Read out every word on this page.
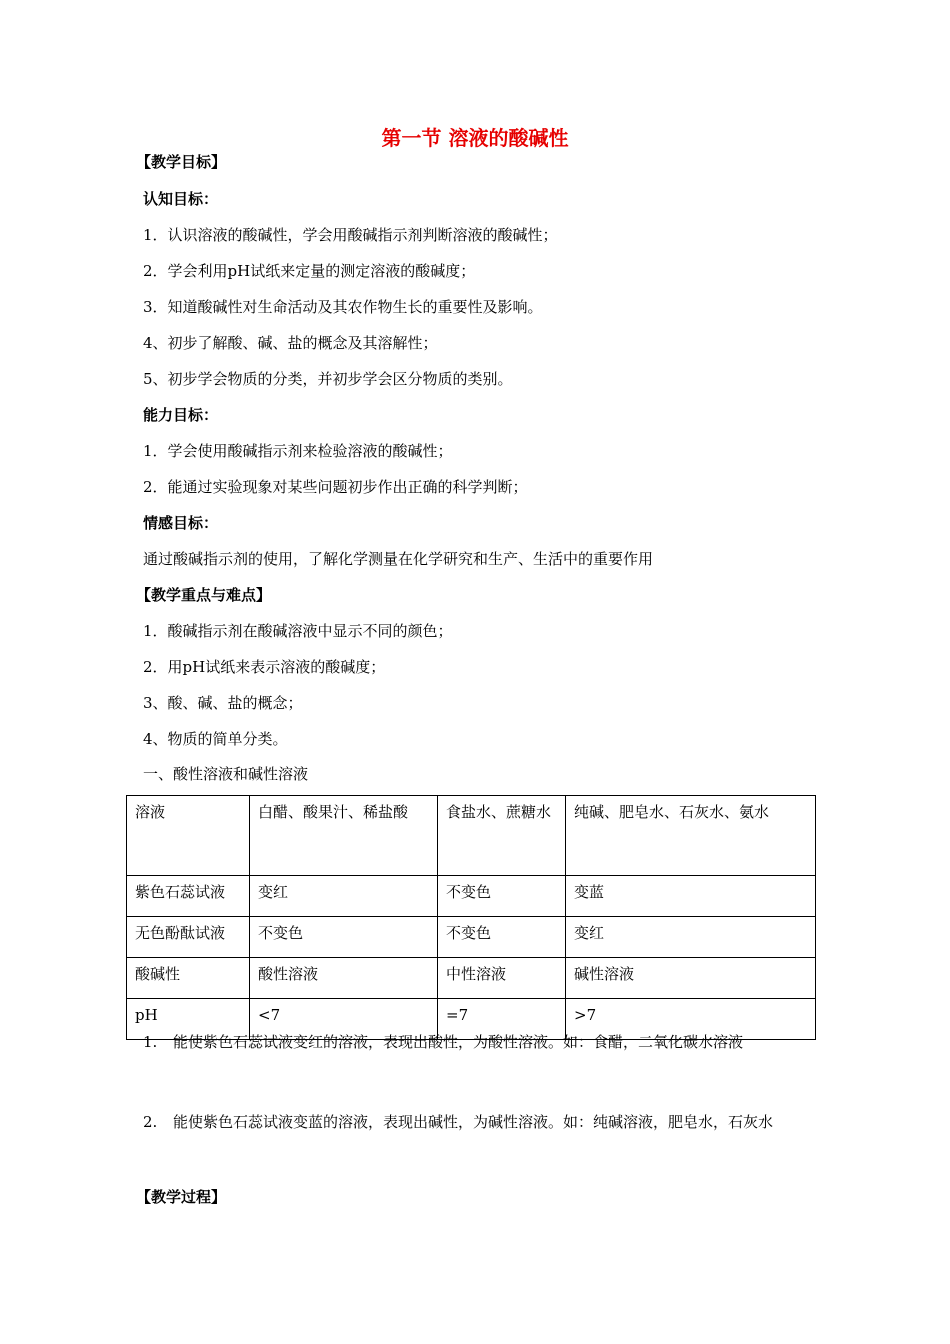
第一节 溶液的酸碱性
【教学目标】
认知目标：
1．认识溶液的酸碱性，学会用酸碱指示剂判断溶液的酸碱性；
2．学会利用pH试纸来定量的测定溶液的酸碱度；
3．知道酸碱性对生命活动及其农作物生长的重要性及影响。
4、初步了解酸、碱、盐的概念及其溶解性；
5、初步学会物质的分类，并初步学会区分物质的类别。
能力目标：
1．学会使用酸碱指示剂来检验溶液的酸碱性；
2．能通过实验现象对某些问题初步作出正确的科学判断；
情感目标：
通过酸碱指示剂的使用，了解化学测量在化学研究和生产、生活中的重要作用
【教学重点与难点】
1．酸碱指示剂在酸碱溶液中显示不同的颜色；
2．用pH试纸来表示溶液的酸碱度；
3、酸、碱、盐的概念；
4、物质的简单分类。
一、酸性溶液和碱性溶液
溶液	白醋、酸果汁、稀盐酸	食盐水、蔗糖水	纯碱、肥皂水、石灰水、氨水

紫色石蕊试液	变红	不变色	变蓝

无色酚酞试液	不变色	不变色	变红

酸碱性	酸性溶液	中性溶液	碱性溶液

pH	<7	=7	>7
1. 能使紫色石蕊试液变红的溶液，表现出酸性，为酸性溶液。如：食醋，二氧化碳水溶液
2. 能使紫色石蕊试液变蓝的溶液，表现出碱性，为碱性溶液。如：纯碱溶液，肥皂水，石灰水
【教学过程】
